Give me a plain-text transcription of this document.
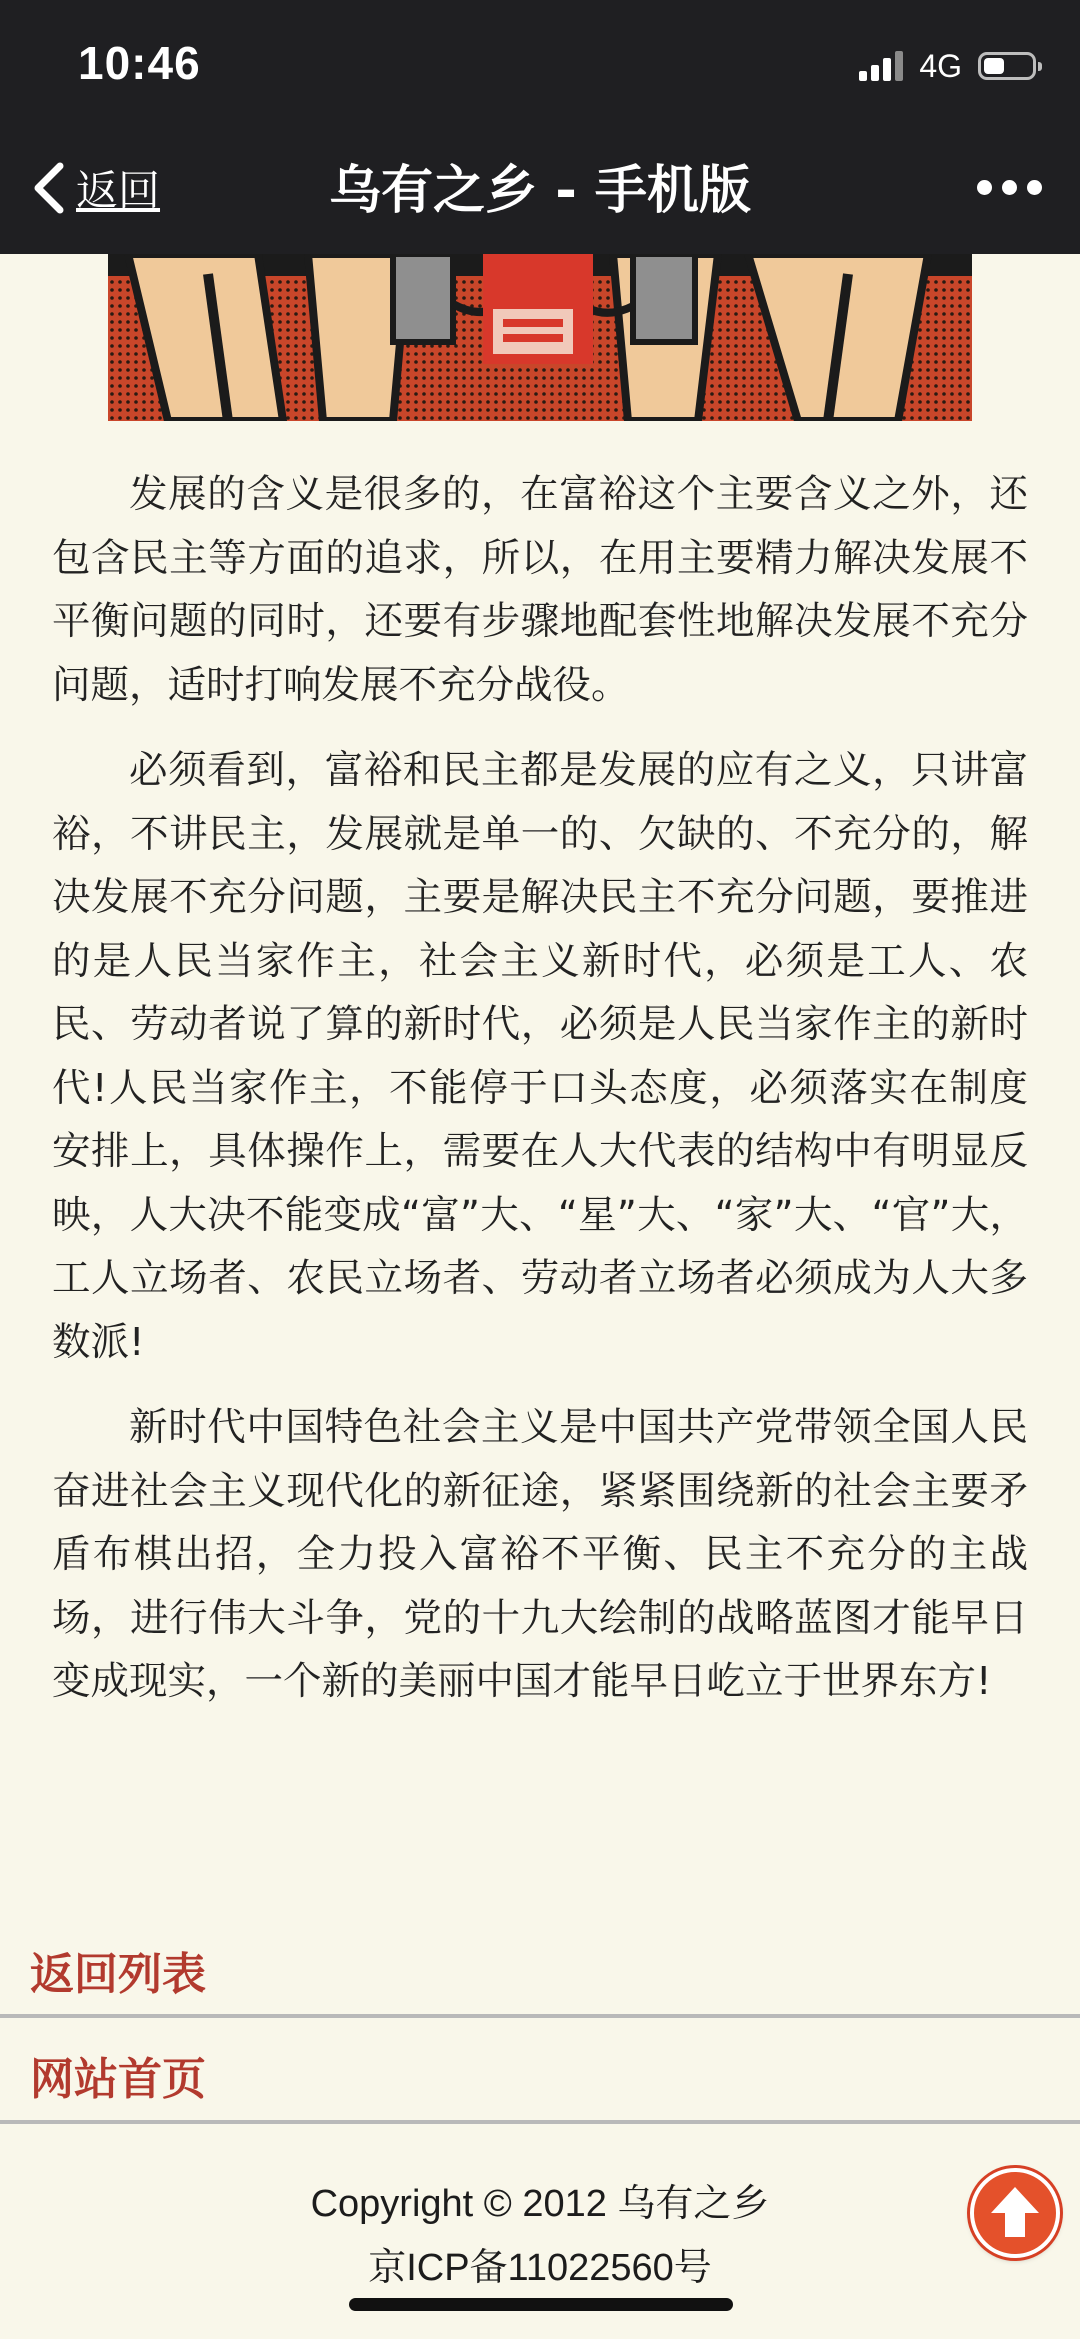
10:46	4G
返回	乌有之乡 - 手机版

发展的含义是很多的，在富裕这个主要含义之外，还包含民主等方面的追求，所以，在用主要精力解决发展不平衡问题的同时，还要有步骤地配套性地解决发展不充分问题，适时打响发展不充分战役。

必须看到，富裕和民主都是发展的应有之义，只讲富裕，不讲民主，发展就是单一的、欠缺的、不充分的，解决发展不充分问题，主要是解决民主不充分问题，要推进的是人民当家作主，社会主义新时代，必须是工人、农民、劳动者说了算的新时代，必须是人民当家作主的新时代!人民当家作主，不能停于口头态度，必须落实在制度安排上，具体操作上，需要在人大代表的结构中有明显反映，人大决不能变成“富”大、“星”大、“家”大、“官”大，工人立场者、农民立场者、劳动者立场者必须成为人大多数派!

新时代中国特色社会主义是中国共产党带领全国人民奋进社会主义现代化的新征途，紧紧围绕新的社会主要矛盾布棋出招，全力投入富裕不平衡、民主不充分的主战场，进行伟大斗争，党的十九大绘制的战略蓝图才能早日变成现实，一个新的美丽中国才能早日屹立于世界东方!

返回列表
网站首页
Copyright © 2012 乌有之乡
京ICP备11022560号
